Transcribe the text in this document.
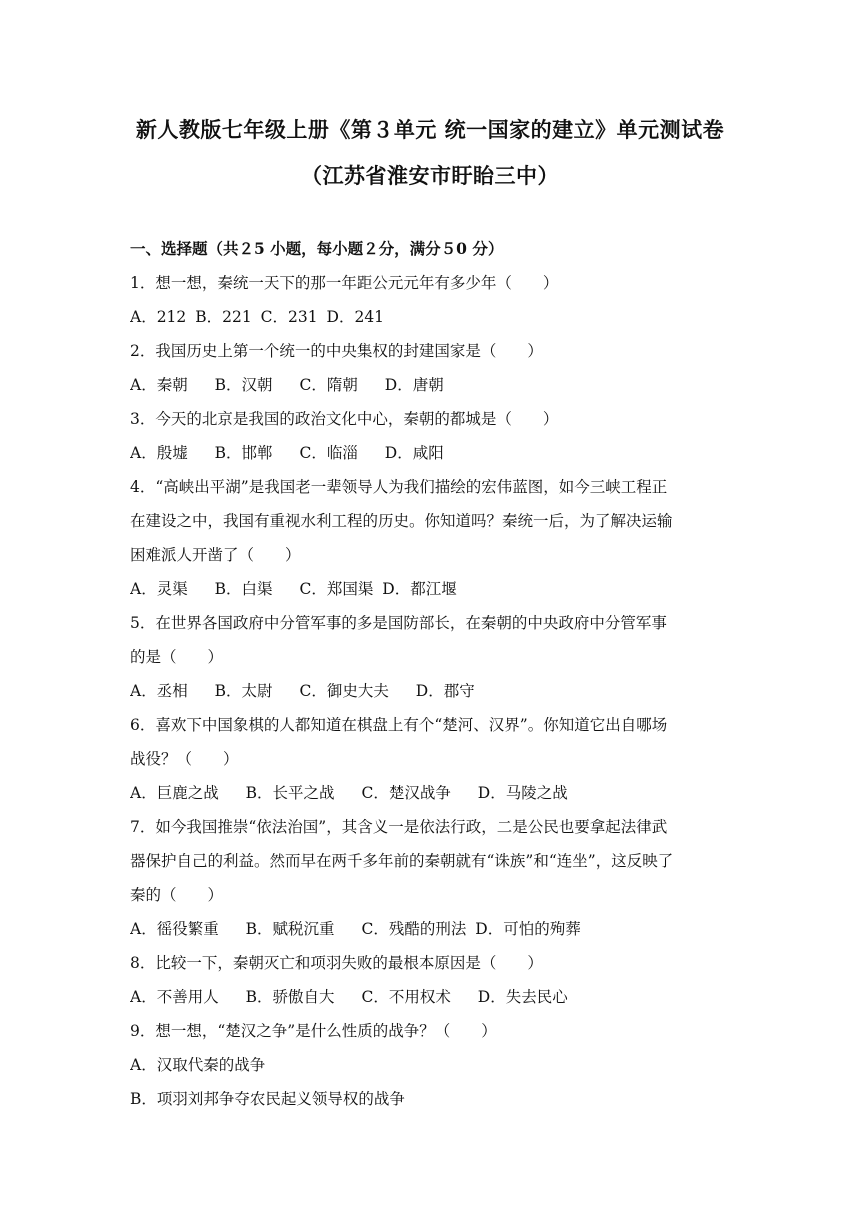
新人教版七年级上册《第３单元 统一国家的建立》单元测试卷
（江苏省淮安市盱眙三中）
一、选择题（共２5 小题，每小题２分，满分５0 分）
1．想一想，秦统一天下的那一年距公元元年有多少年（　　）
A．212 B．221 C．231 D．241
2．我国历史上第一个统一的中央集权的封建国家是（　　）
A．秦朝 B．汉朝 C．隋朝 D．唐朝
3．今天的北京是我国的政治文化中心，秦朝的都城是（　　）
A．殷墟 B．邯郸 C．临淄 D．咸阳
4．“高峡出平湖”是我国老一辈领导人为我们描绘的宏伟蓝图，如今三峡工程正
在建设之中，我国有重视水利工程的历史。你知道吗？秦统一后，为了解决运输
困难派人开凿了（　　）
A．灵渠 B．白渠 C．郑国渠 D．都江堰
5．在世界各国政府中分管军事的多是国防部长，在秦朝的中央政府中分管军事
的是（　　）
A．丞相 B．太尉 C．御史大夫 D．郡守
6．喜欢下中国象棋的人都知道在棋盘上有个“楚河、汉界”。你知道它出自哪场
战役？（　　）
A．巨鹿之战 B．长平之战 C．楚汉战争 D．马陵之战
7．如今我国推崇“依法治国”，其含义一是依法行政，二是公民也要拿起法律武
器保护自己的利益。然而早在两千多年前的秦朝就有“诛族”和“连坐”，这反映了
秦的（　　）
A．徭役繁重 B．赋税沉重 C．残酷的刑法 D．可怕的殉葬
8．比较一下，秦朝灭亡和项羽失败的最根本原因是（　　）
A．不善用人 B．骄傲自大 C．不用权术 D．失去民心
9．想一想，“楚汉之争”是什么性质的战争？（　　）
A．汉取代秦的战争
B．项羽刘邦争夺农民起义领导权的战争
